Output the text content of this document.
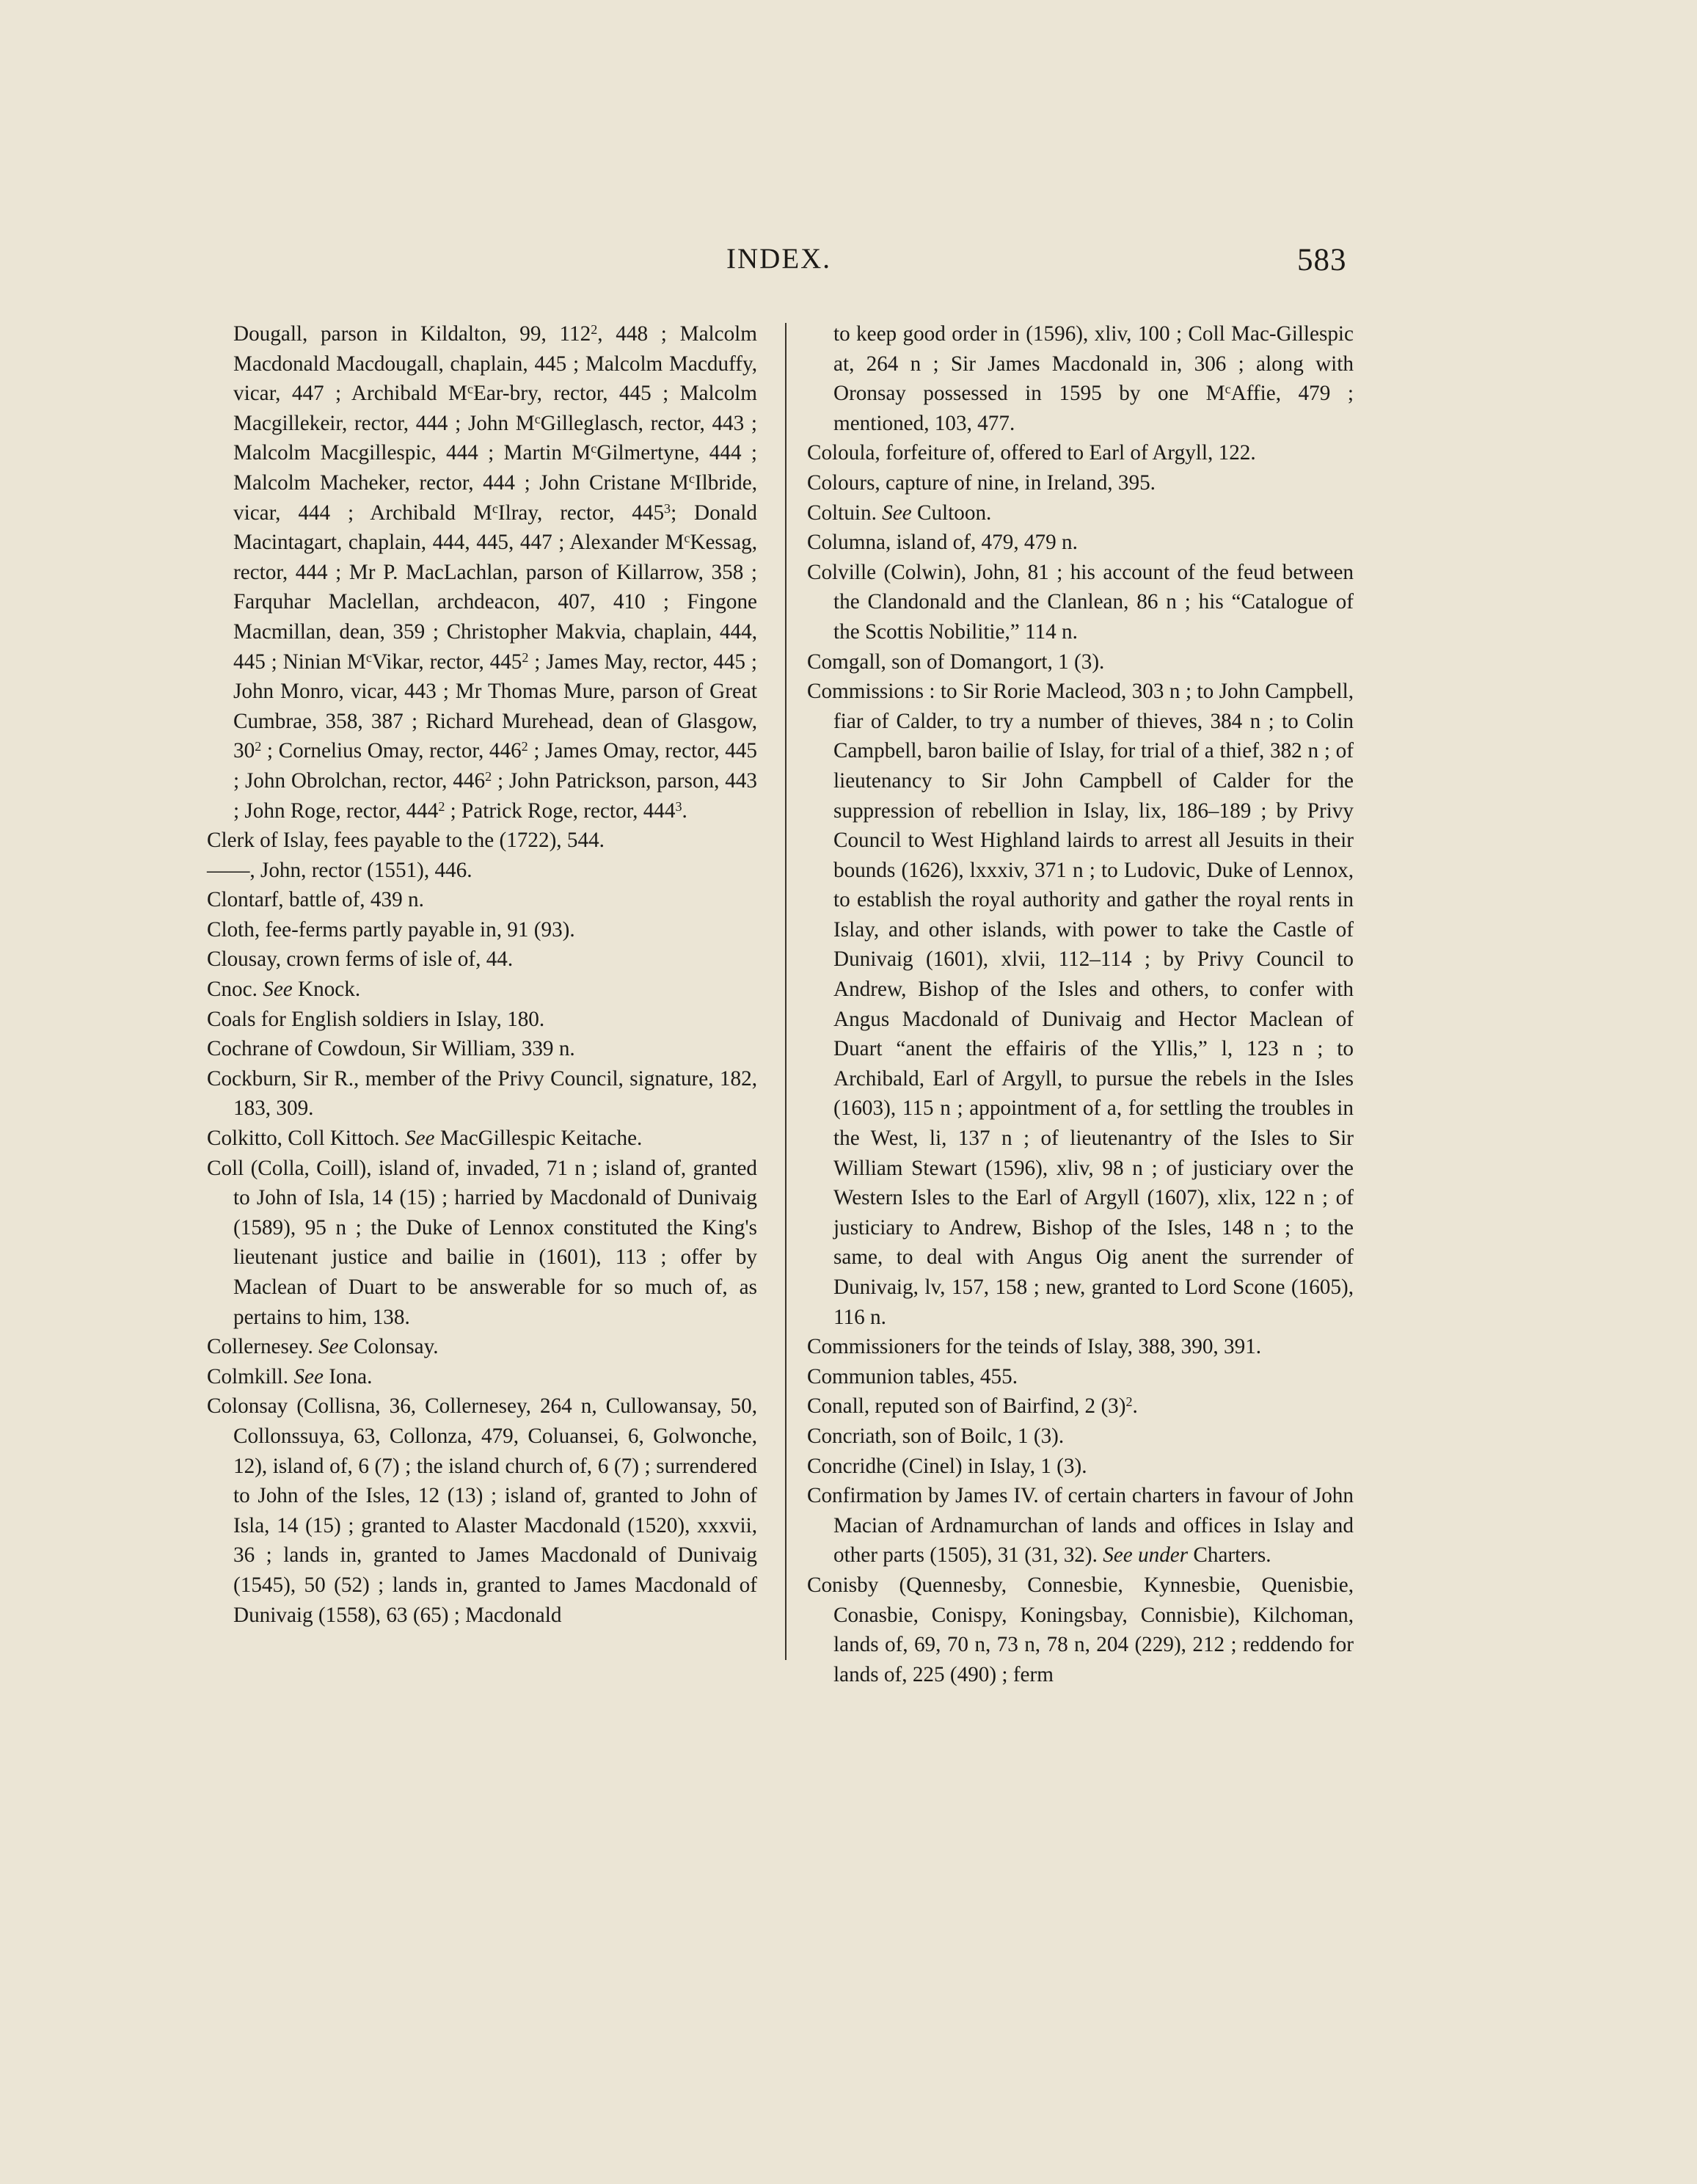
INDEX.	583
Dougall, parson in Kildalton, 99, $112^2$, 448 ; Malcolm Macdonald Macdougall, chaplain, 445 ; Malcolm Macduffy, vicar, 447 ; Archibald $M^cEar$-bry, rector, 445 ; Malcolm Macgillekeir, rector, 444 ; John $M^cGilleglasch$, rector, 443 ; Malcolm Macgillespic, 444 ; Martin $M^cGilmertyne$, 444 ; Malcolm Macheker, rector, 444 ; John Cristane $M^cIlbride$, vicar, 444 ; Archibald $M^cIlray$, rector, $445^3$; Donald Macintagart, chaplain, 444, 445, 447 ; Alexander $M^cKessag$, rector, 444 ; Mr P. MacLachlan, parson of Killarrow, 358 ; Farquhar Maclellan, archdeacon, 407, 410 ; Fingone Macmillan, dean, 359 ; Christopher Makvia, chaplain, 444, 445 ; Ninian $M^cVikar$, rector, $445^2$ ; James May, rector, 445 ; John Monro, vicar, 443 ; Mr Thomas Mure, parson of Great Cumbrae, 358, 387 ; Richard Murehead, dean of Glasgow, $30^2$ ; Cornelius Omay, rector, $446^2$ ; James Omay, rector, 445 ; John Obrolchan, rector, $446^2$ ; John Patrickson, parson, 443 ; John Roge, rector, $444^2$ ; Patrick Roge, rector, $444^3$.
Clerk of Islay, fees payable to the (1722), 544.
——, John, rector (1551), 446.
Clontarf, battle of, 439 n.
Cloth, fee-ferms partly payable in, 91 (93).
Clousay, crown ferms of isle of, 44.
Cnoc. See Knock.
Coals for English soldiers in Islay, 180.
Cochrane of Cowdoun, Sir William, 339 n.
Cockburn, Sir R., member of the Privy Council, signature, 182, 183, 309.
Colkitto, Coll Kittoch. See MacGillespic Keitache.
Coll (Colla, Coill), island of, invaded, 71 n ; island of, granted to John of Isla, 14 (15) ; harried by Macdonald of Dunivaig (1589), 95 n ; the Duke of Lennox constituted the King's lieutenant justice and bailie in (1601), 113 ; offer by Maclean of Duart to be answerable for so much of, as pertains to him, 138.
Collernesey. See Colonsay.
Colmkill. See Iona.
Colonsay (Collisna, 36, Collernesey, 264 n, Cullowansay, 50, Collonssuya, 63, Collonza, 479, Coluansei, 6, Golwonche, 12), island of, 6 (7) ; the island church of, 6 (7) ; surrendered to John of the Isles, 12 (13) ; island of, granted to John of Isla, 14 (15) ; granted to Alaster Macdonald (1520), xxxvii, 36 ; lands in, granted to James Macdonald of Dunivaig (1545), 50 (52) ; lands in, granted to James Macdonald of Dunivaig (1558), 63 (65) ; Macdonald
to keep good order in (1596), xliv, 100 ; Coll Mac-Gillespic at, 264 n ; Sir James Macdonald in, 306 ; along with Oronsay possessed in 1595 by one $M^cAffie$, 479 ; mentioned, 103, 477.
Coloula, forfeiture of, offered to Earl of Argyll, 122.
Colours, capture of nine, in Ireland, 395.
Coltuin. See Cultoon.
Columna, island of, 479, 479 n.
Colville (Colwin), John, 81 ; his account of the feud between the Clandonald and the Clanlean, 86 n ; his “Catalogue of the Scottis Nobilitie,” 114 n.
Comgall, son of Domangort, 1 (3).
Commissions : to Sir Rorie Macleod, 303 n ; to John Campbell, fiar of Calder, to try a number of thieves, 384 n ; to Colin Campbell, baron bailie of Islay, for trial of a thief, 382 n ; of lieutenancy to Sir John Campbell of Calder for the suppression of rebellion in Islay, lix, 186–189 ; by Privy Council to West Highland lairds to arrest all Jesuits in their bounds (1626), lxxxiv, 371 n ; to Ludovic, Duke of Lennox, to establish the royal authority and gather the royal rents in Islay, and other islands, with power to take the Castle of Dunivaig (1601), xlvii, 112–114 ; by Privy Council to Andrew, Bishop of the Isles and others, to confer with Angus Macdonald of Dunivaig and Hector Maclean of Duart “anent the effairis of the Yllis,” l, 123 n ; to Archibald, Earl of Argyll, to pursue the rebels in the Isles (1603), 115 n ; appointment of a, for settling the troubles in the West, li, 137 n ; of lieutenantry of the Isles to Sir William Stewart (1596), xliv, 98 n ; of justiciary over the Western Isles to the Earl of Argyll (1607), xlix, 122 n ; of justiciary to Andrew, Bishop of the Isles, 148 n ; to the same, to deal with Angus Oig anent the surrender of Dunivaig, lv, 157, 158 ; new, granted to Lord Scone (1605), 116 n.
Commissioners for the teinds of Islay, 388, 390, 391.
Communion tables, 455.
Conall, reputed son of Bairfind, 2 $(3)^2$.
Concriath, son of Boilc, 1 (3).
Concridhe (Cinel) in Islay, 1 (3).
Confirmation by James IV. of certain charters in favour of John Macian of Ardnamurchan of lands and offices in Islay and other parts (1505), 31 (31, 32). See under Charters.
Conisby (Quennesby, Connesbie, Kynnesbie, Quenisbie, Conasbie, Conispy, Koningsbay, Connisbie), Kilchoman, lands of, 69, 70 n, 73 n, 78 n, 204 (229), 212 ; reddendo for lands of, 225 (490) ; ferm
